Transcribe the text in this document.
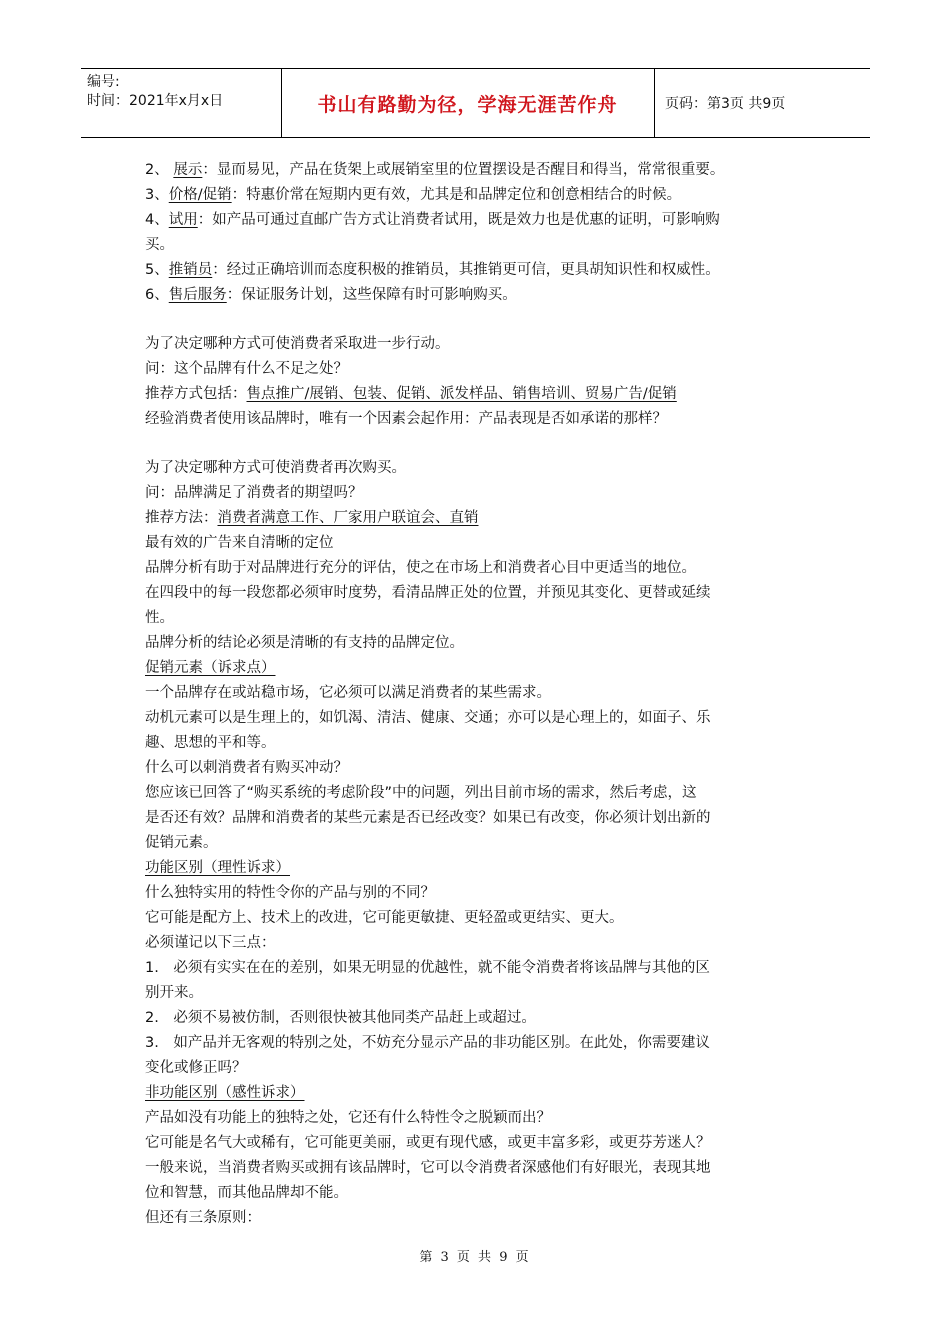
编号:
时间：2021年x月x日	书山有路勤为径，学海无涯苦作舟	页码：第3页 共9页

2、 展示：显而易见，产品在货架上或展销室里的位置摆设是否醒目和得当，常常很重要。

3、价格/促销：特惠价常在短期内更有效，尤其是和品牌定位和创意相结合的时候。

4、试用：如产品可通过直邮广告方式让消费者试用，既是效力也是优惠的证明，可影响购

买。

5、推销员：经过正确培训而态度积极的推销员，其推销更可信，更具胡知识性和权威性。

6、售后服务：保证服务计划，这些保障有时可影响购买。

为了决定哪种方式可使消费者采取进一步行动。

问：这个品牌有什么不足之处？

推荐方式包括：售点推广/展销、包装、促销、派发样品、销售培训、贸易广告/促销

经验消费者使用该品牌时，唯有一个因素会起作用：产品表现是否如承诺的那样？

为了决定哪种方式可使消费者再次购买。

问：品牌满足了消费者的期望吗？

推荐方法：消费者满意工作、厂家用户联谊会、直销

最有效的广告来自清晰的定位

品牌分析有助于对品牌进行充分的评估，使之在市场上和消费者心目中更适当的地位。

在四段中的每一段您都必须审时度势，看清品牌正处的位置，并预见其变化、更替或延续

性。

品牌分析的结论必须是清晰的有支持的品牌定位。

促销元素（诉求点）

一个品牌存在或站稳市场，它必须可以满足消费者的某些需求。

动机元素可以是生理上的，如饥渴、清洁、健康、交通；亦可以是心理上的，如面子、乐

趣、思想的平和等。

什么可以刺消费者有购买冲动？

您应该已回答了“购买系统的考虑阶段”中的问题，列出目前市场的需求，然后考虑，这

是否还有效？品牌和消费者的某些元素是否已经改变？如果已有改变，你必须计划出新的

促销元素。

功能区别（理性诉求）

什么独特实用的特性令你的产品与别的不同？

它可能是配方上、技术上的改进，它可能更敏捷、更轻盈或更结实、更大。

必须谨记以下三点：

1.　必须有实实在在的差别，如果无明显的优越性，就不能令消费者将该品牌与其他的区

别开来。

2.　必须不易被仿制，否则很快被其他同类产品赶上或超过。

3.　如产品并无客观的特别之处，不妨充分显示产品的非功能区别。在此处，你需要建议

变化或修正吗？

非功能区别（感性诉求）

产品如没有功能上的独特之处，它还有什么特性令之脱颖而出？

它可能是名气大或稀有，它可能更美丽，或更有现代感，或更丰富多彩，或更芬芳迷人？

一般来说，当消费者购买或拥有该品牌时，它可以令消费者深感他们有好眼光，表现其地

位和智慧，而其他品牌却不能。

但还有三条原则：

第 3 页 共 9 页
